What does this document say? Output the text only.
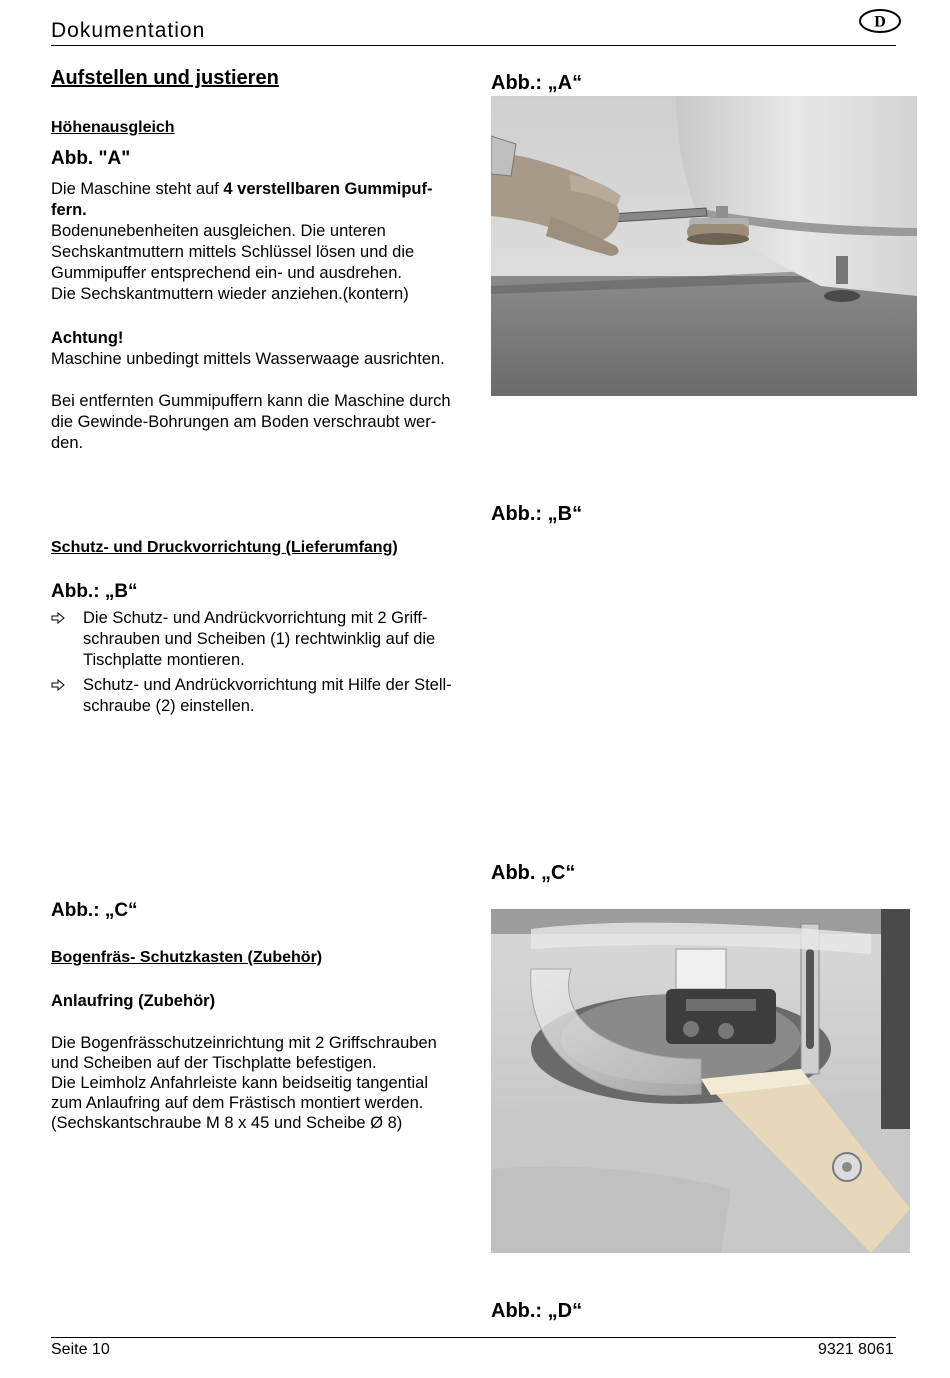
Dokumentation	D
Aufstellen und justieren
Höhenausgleich
Abb. "A"
Die Maschine steht auf 4 verstellbaren Gummipuf-
fern.
Bodenunebenheiten ausgleichen. Die unteren
Sechskantmuttern mittels Schlüssel lösen und die
Gummipuffer entsprechend ein- und ausdrehen.
Die Sechskantmuttern wieder anziehen.(kontern)
Achtung!
Maschine unbedingt mittels Wasserwaage ausrichten.
Bei entfernten Gummipuffern kann die Maschine durch
die Gewinde-Bohrungen am Boden verschraubt wer-
den.
Schutz- und Druckvorrichtung (Lieferumfang)
Abb.: „B“
Die Schutz- und Andrückvorrichtung mit 2 Griff-
schrauben und Scheiben (1) rechtwinklig auf die
Tischplatte montieren.
Schutz- und Andrückvorrichtung mit Hilfe der Stell-
schraube (2) einstellen.
Abb.: „C“
Bogenfräs- Schutzkasten (Zubehör)
Anlaufring (Zubehör)
Die Bogenfrässchutzeinrichtung mit 2 Griffschrauben
und Scheiben auf der Tischplatte befestigen.
Die Leimholz Anfahrleiste kann beidseitig tangential
zum Anlaufring auf dem Frästisch montiert werden.
(Sechskantschraube M 8 x 45 und Scheibe Ø 8)
Abb.: „A“
Abb.: „B“
Abb. „C“
Abb.: „D“
Seite 10	9321 8061
